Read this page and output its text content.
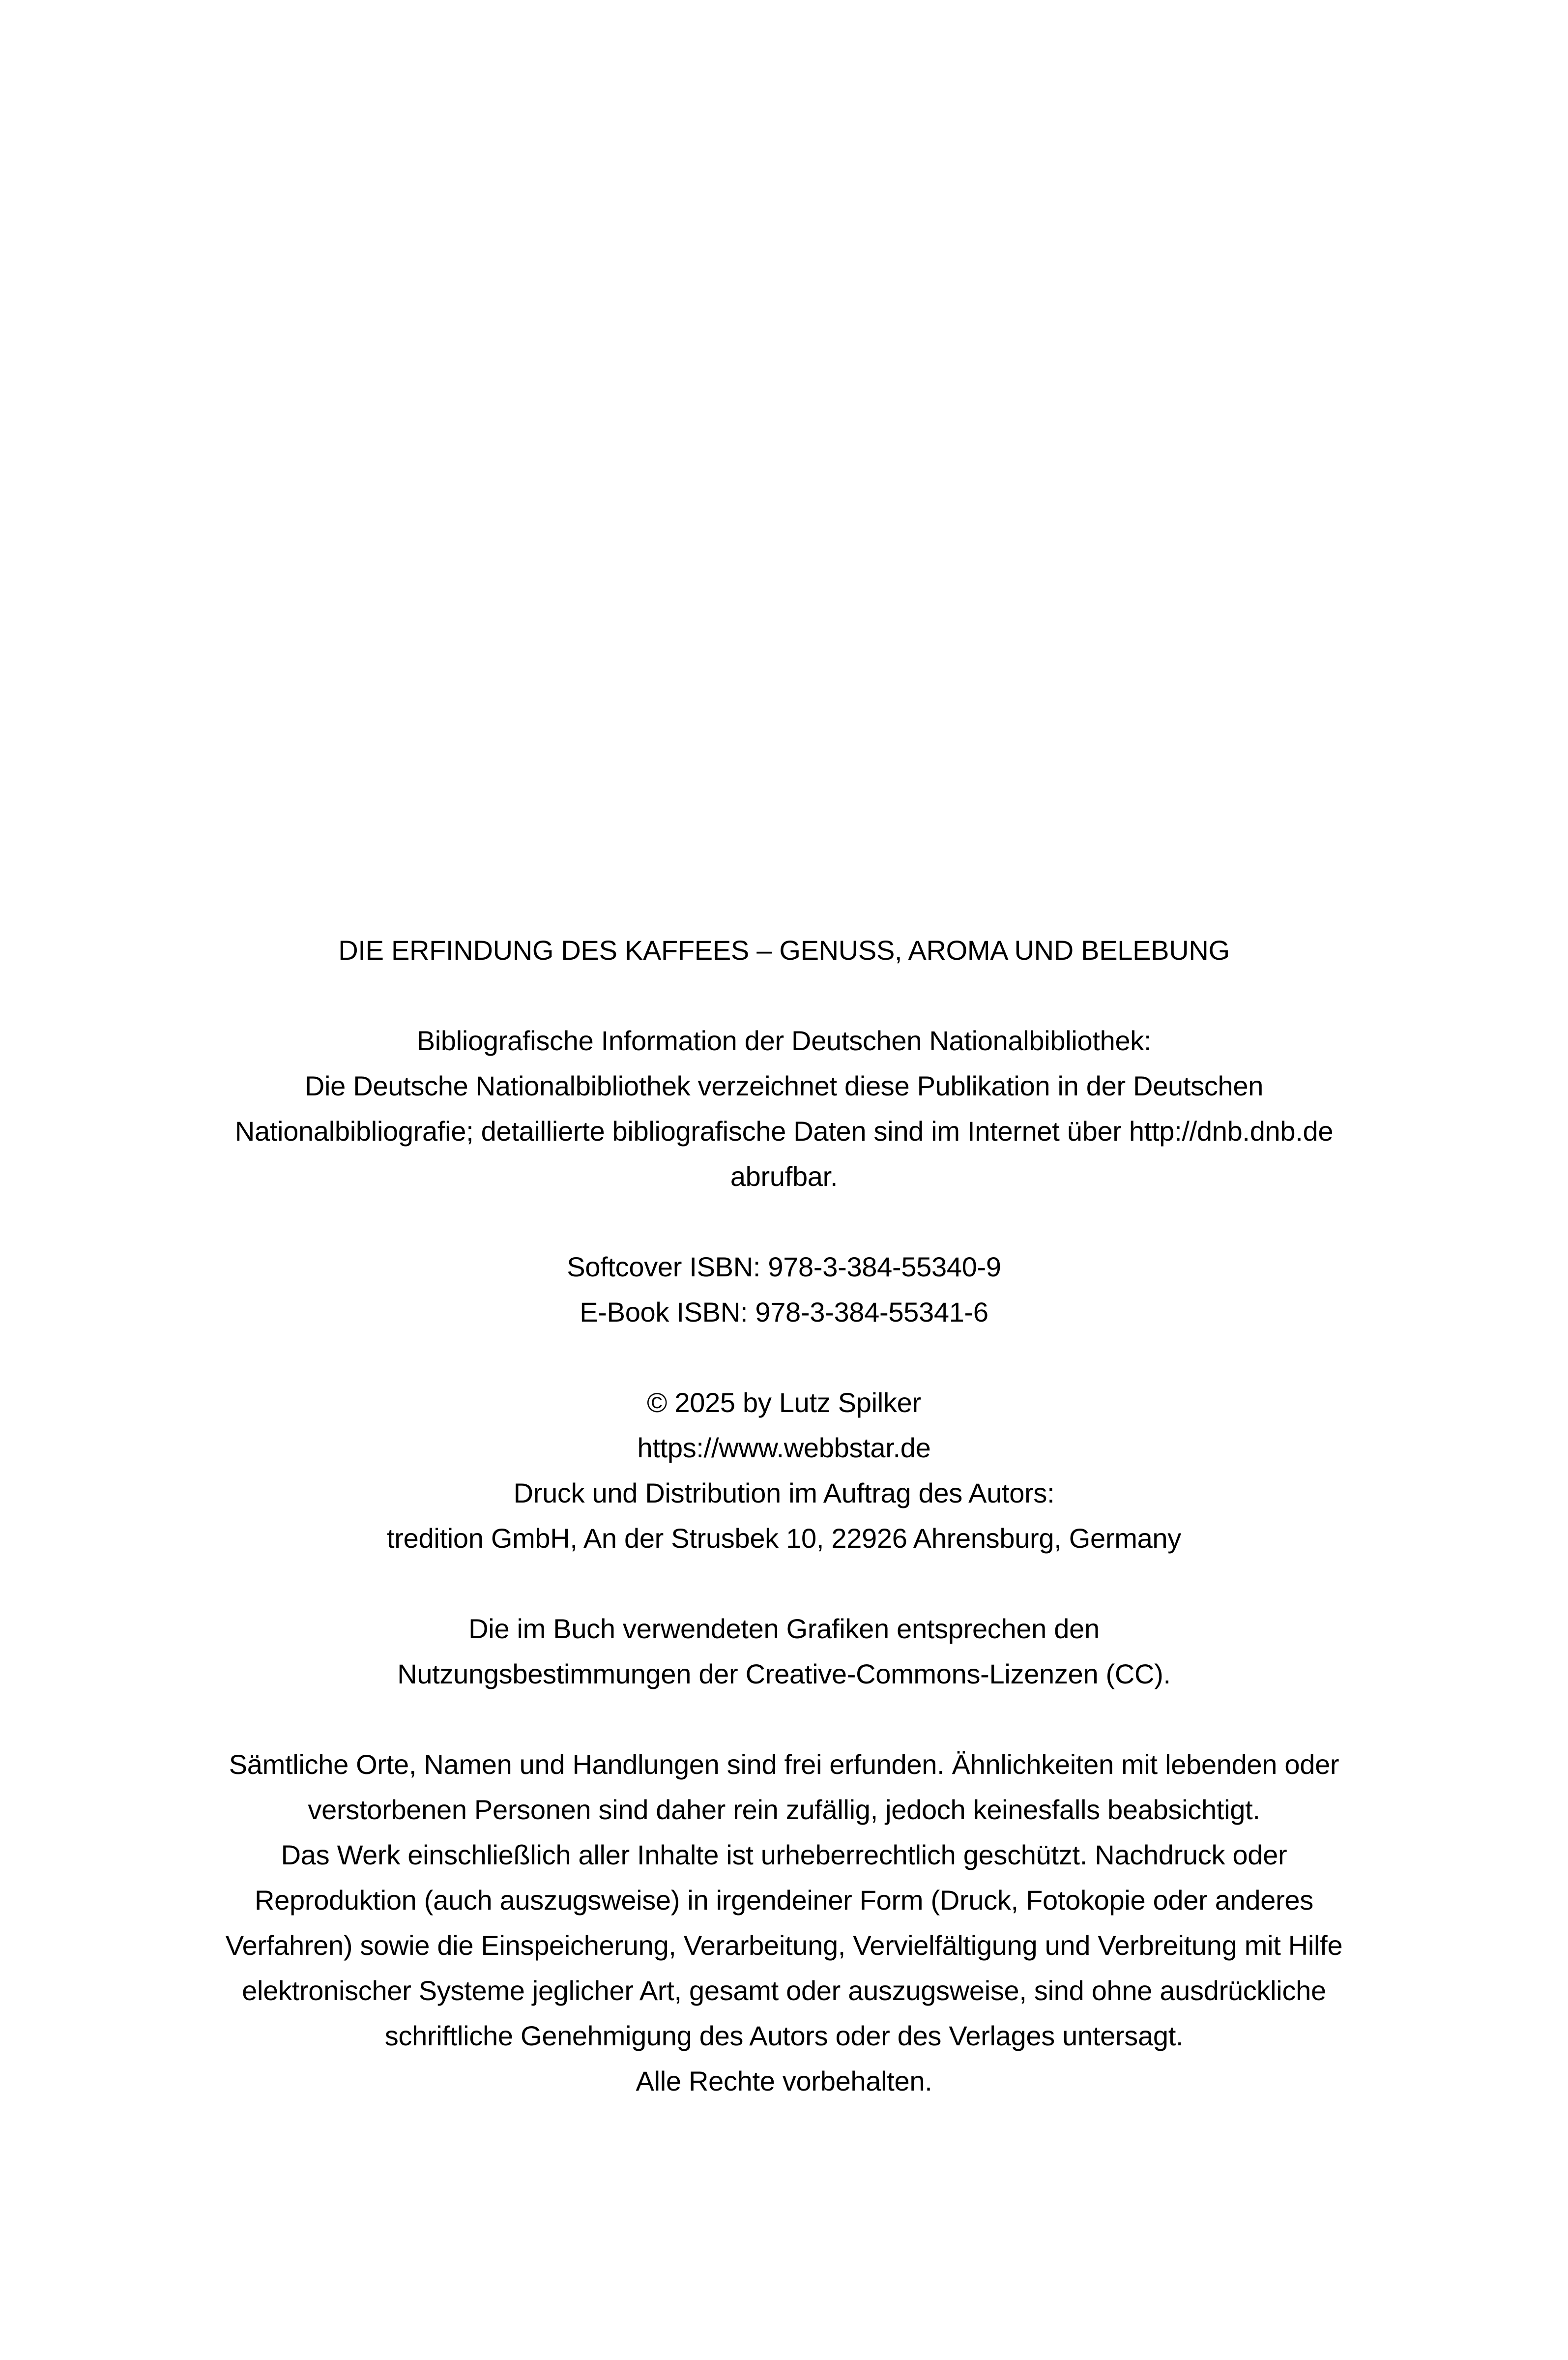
DIE ERFINDUNG DES KAFFEES – GENUSS, AROMA UND BELEBUNG

Bibliografische Information der Deutschen Nationalbibliothek:
Die Deutsche Nationalbibliothek verzeichnet diese Publikation in der Deutschen
Nationalbibliografie; detaillierte bibliografische Daten sind im Internet über http://dnb.dnb.de
abrufbar.

Softcover ISBN: 978-3-384-55340-9
E-Book ISBN: 978-3-384-55341-6

© 2025 by Lutz Spilker
https://www.webbstar.de
Druck und Distribution im Auftrag des Autors:
tredition GmbH, An der Strusbek 10, 22926 Ahrensburg, Germany

Die im Buch verwendeten Grafiken entsprechen den
Nutzungsbestimmungen der Creative-Commons-Lizenzen (CC).

Sämtliche Orte, Namen und Handlungen sind frei erfunden. Ähnlichkeiten mit lebenden oder
verstorbenen Personen sind daher rein zufällig, jedoch keinesfalls beabsichtigt.
Das Werk einschließlich aller Inhalte ist urheberrechtlich geschützt. Nachdruck oder
Reproduktion (auch auszugsweise) in irgendeiner Form (Druck, Fotokopie oder anderes
Verfahren) sowie die Einspeicherung, Verarbeitung, Vervielfältigung und Verbreitung mit Hilfe
elektronischer Systeme jeglicher Art, gesamt oder auszugsweise, sind ohne ausdrückliche
schriftliche Genehmigung des Autors oder des Verlages untersagt.
Alle Rechte vorbehalten.
